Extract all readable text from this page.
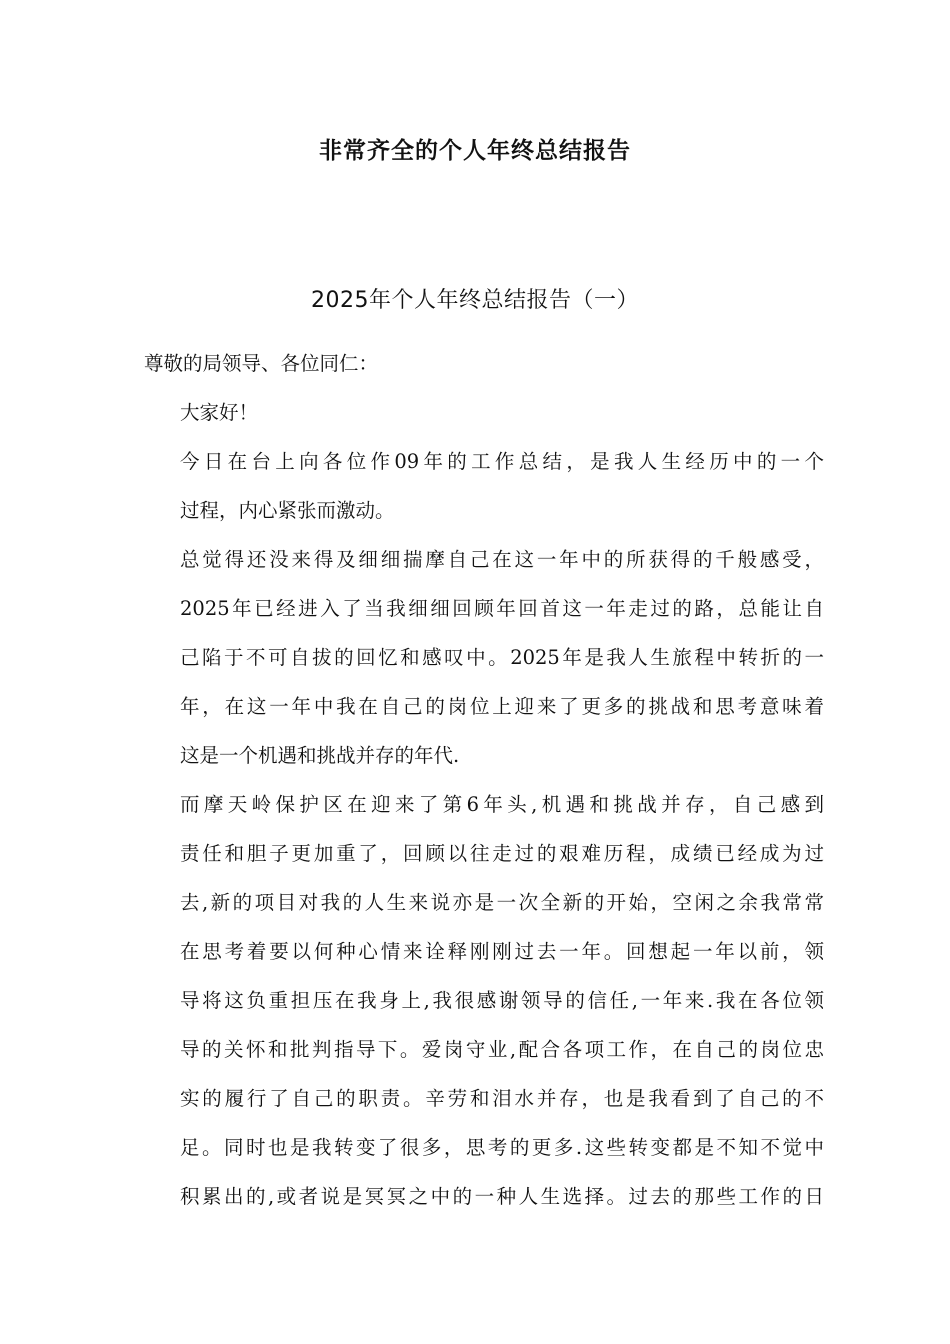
非常齐全的个人年终总结报告
2025年个人年终总结报告（一）

尊敬的局领导、各位同仁：

大家好！

今日在台上向各位作09年的工作总结，是我人生经历中的一个
过程，内心紧张而激动。

总觉得还没来得及细细揣摩自己在这一年中的所获得的千般感受，
2025年已经进入了当我细细回顾年回首这一年走过的路，总能让自
己陷于不可自拔的回忆和感叹中。2025年是我人生旅程中转折的一
年，在这一年中我在自己的岗位上迎来了更多的挑战和思考意味着
这是一个机遇和挑战并存的年代.

而摩天岭保护区在迎来了第6年头,机遇和挑战并存，自己感到
责任和胆子更加重了，回顾以往走过的艰难历程，成绩已经成为过
去,新的项目对我的人生来说亦是一次全新的开始，空闲之余我常常
在思考着要以何种心情来诠释刚刚过去一年。回想起一年以前，领
导将这负重担压在我身上,我很感谢领导的信任,一年来.我在各位领
导的关怀和批判指导下。爱岗守业,配合各项工作，在自己的岗位忠
实的履行了自己的职责。辛劳和泪水并存，也是我看到了自己的不
足。同时也是我转变了很多，思考的更多.这些转变都是不知不觉中
积累出的,或者说是冥冥之中的一种人生选择。过去的那些工作的日
